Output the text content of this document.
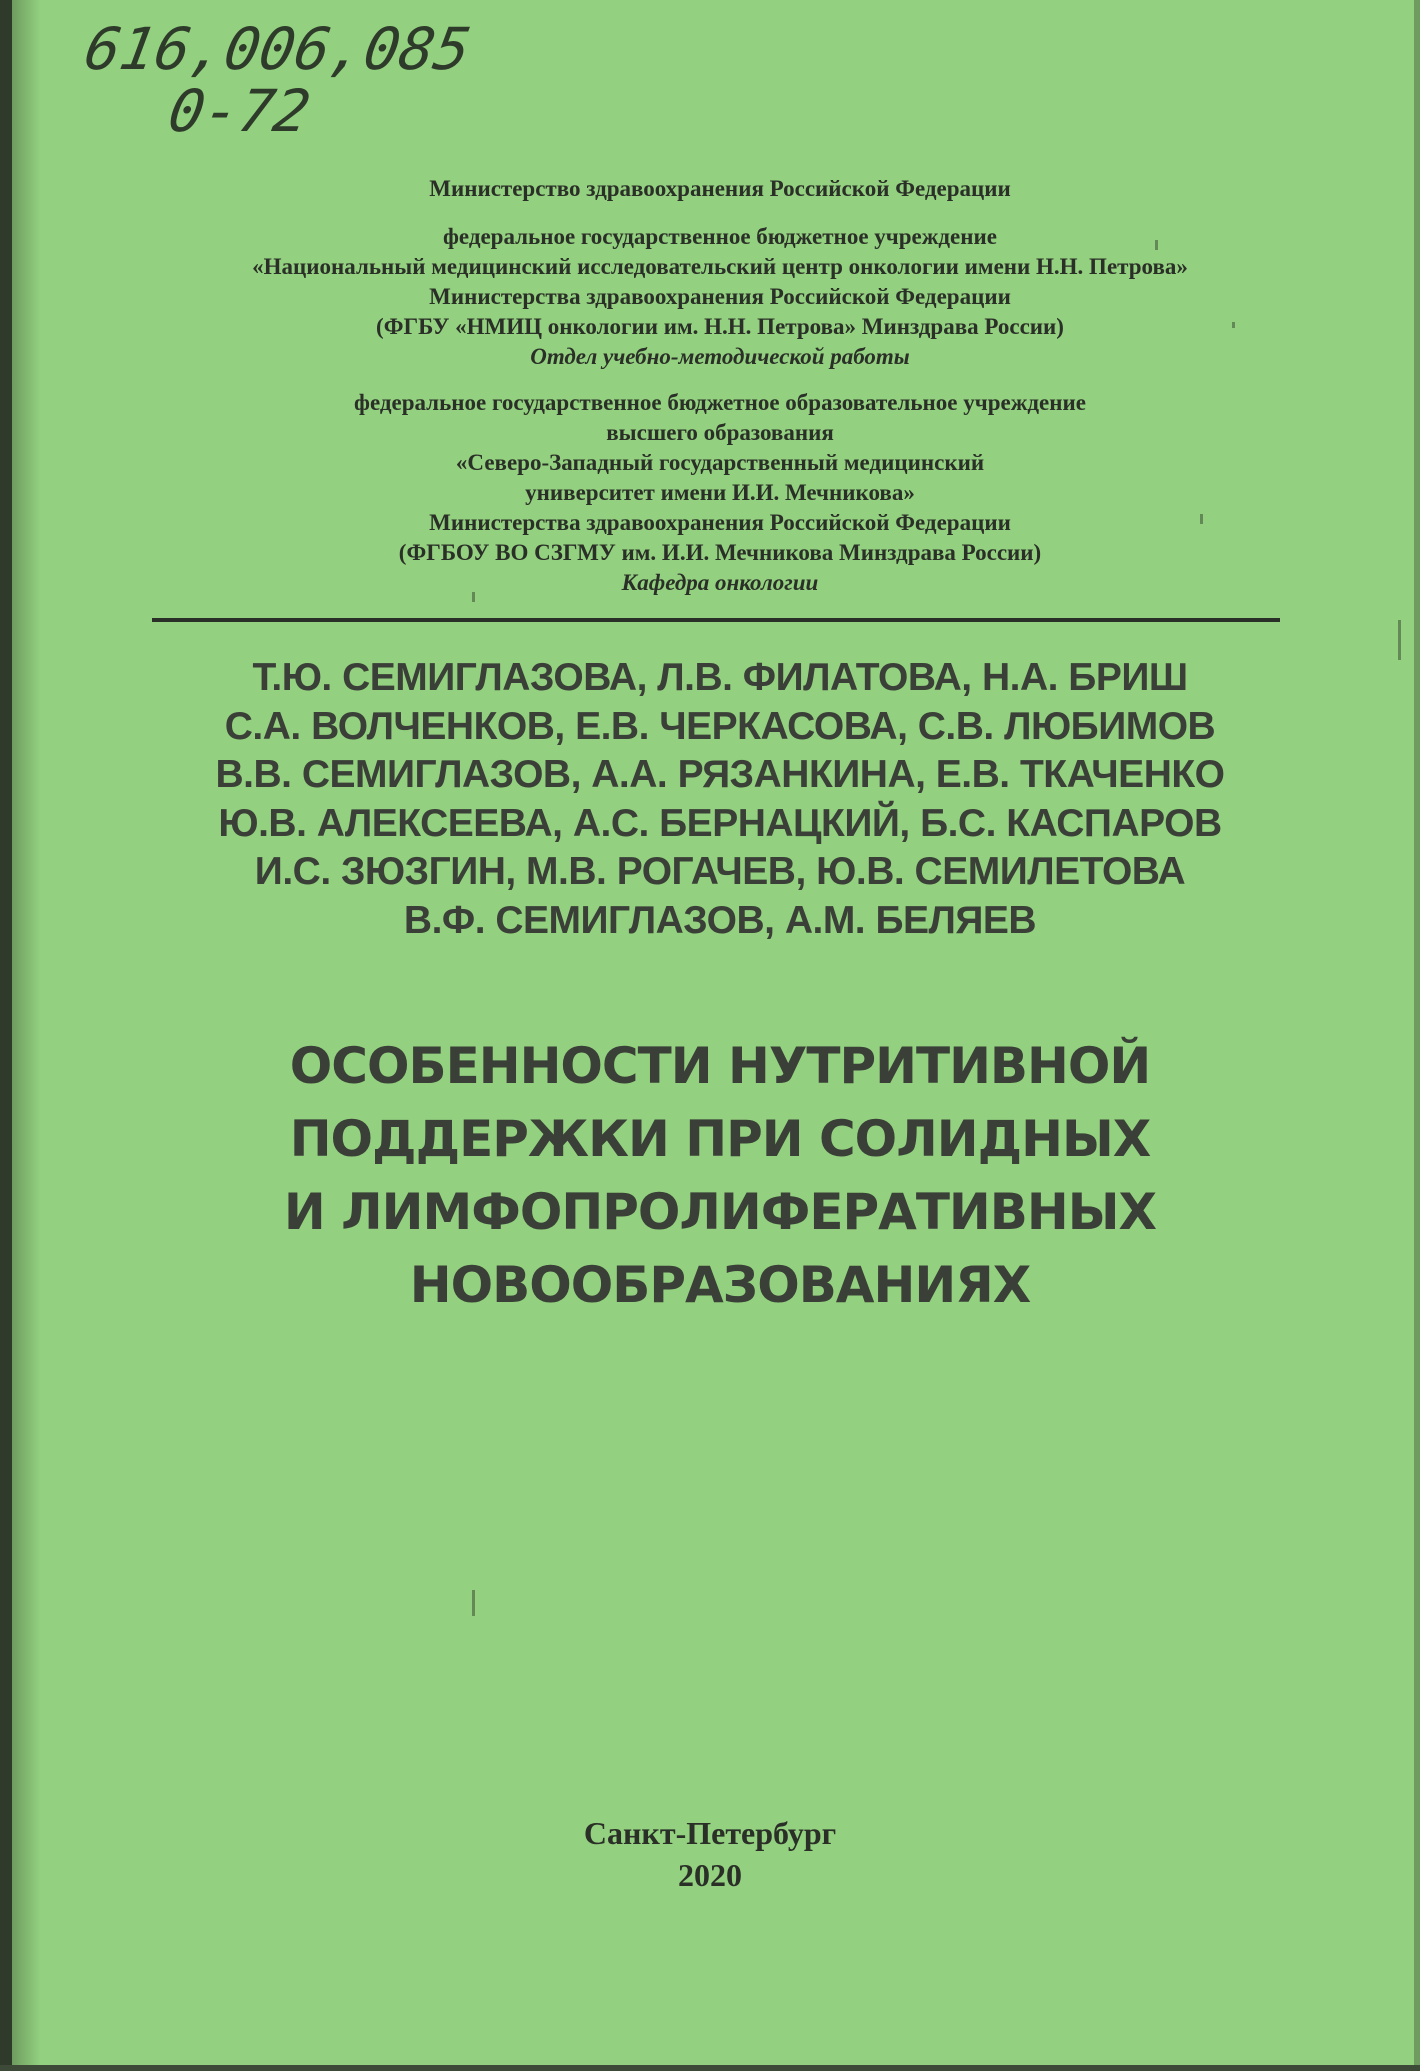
616,006,085
0-72
Министерство здравоохранения Российской Федерации
федеральное государственное бюджетное учреждение
«Национальный медицинский исследовательский центр онкологии имени Н.Н. Петрова»
Министерства здравоохранения Российской Федерации
(ФГБУ «НМИЦ онкологии им. Н.Н. Петрова» Минздрава России)
Отдел учебно-методической работы
федеральное государственное бюджетное образовательное учреждение
высшего образования
«Северо-Западный государственный медицинский
университет имени И.И. Мечникова»
Министерства здравоохранения Российской Федерации
(ФГБОУ ВО СЗГМУ им. И.И. Мечникова Минздрава России)
Кафедра онкологии
Т.Ю. СЕМИГЛАЗОВА, Л.В. ФИЛАТОВА, Н.А. БРИШ
С.А. ВОЛЧЕНКОВ, Е.В. ЧЕРКАСОВА, С.В. ЛЮБИМОВ
В.В. СЕМИГЛАЗОВ, А.А. РЯЗАНКИНА, Е.В. ТКАЧЕНКО
Ю.В. АЛЕКСЕЕВА, А.С. БЕРНАЦКИЙ, Б.С. КАСПАРОВ
И.С. ЗЮЗГИН, М.В. РОГАЧЕВ, Ю.В. СЕМИЛЕТОВА
В.Ф. СЕМИГЛАЗОВ, А.М. БЕЛЯЕВ
ОСОБЕННОСТИ НУТРИТИВНОЙ
ПОДДЕРЖКИ ПРИ СОЛИДНЫХ
И ЛИМФОПРОЛИФЕРАТИВНЫХ
НОВООБРАЗОВАНИЯХ
Санкт-Петербург
2020
